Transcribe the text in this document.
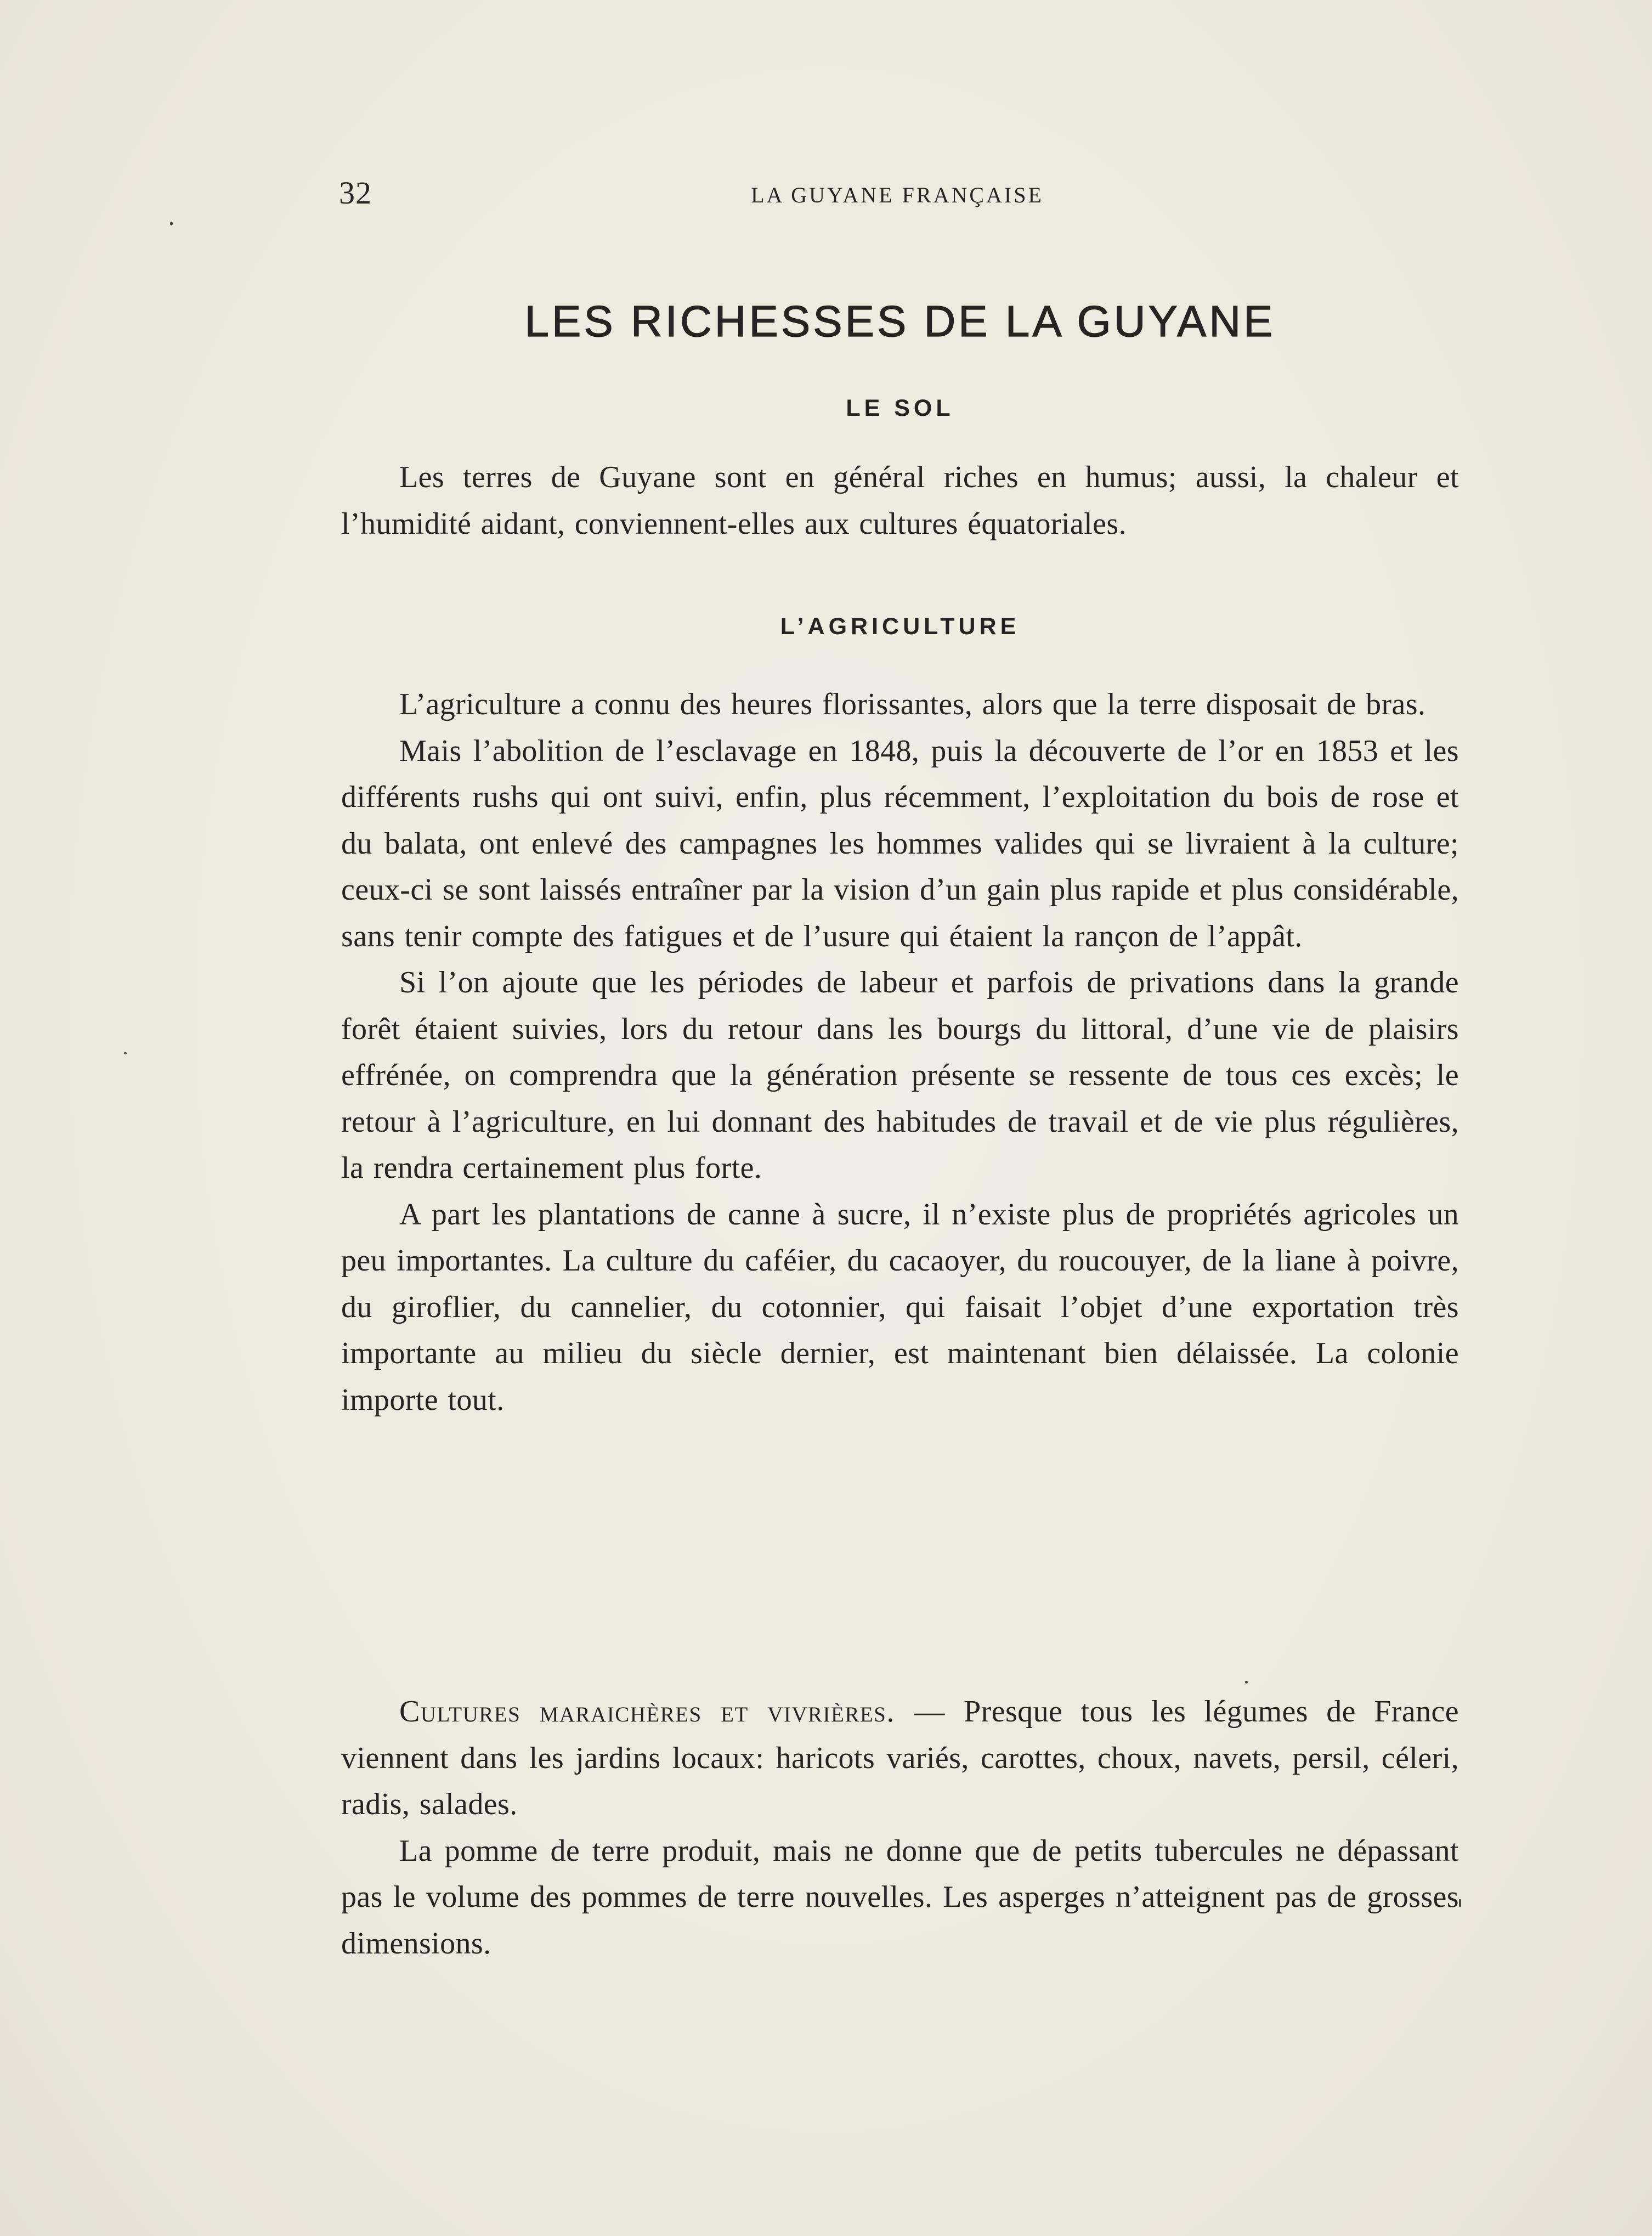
32	LA GUYANE FRANÇAISE
LES RICHESSES DE LA GUYANE
LE SOL

Les terres de Guyane sont en général riches en humus; aussi, la chaleur et l’humidité aidant, conviennent-elles aux cultures équatoriales.

L’AGRICULTURE

L’agriculture a connu des heures florissantes, alors que la terre disposait de bras.

Mais l’abolition de l’esclavage en 1848, puis la découverte de l’or en 1853 et les différents rushs qui ont suivi, enfin, plus récemment, l’exploitation du bois de rose et du balata, ont enlevé des campagnes les hommes valides qui se livraient à la culture; ceux-ci se sont laissés entraîner par la vision d’un gain plus rapide et plus considérable, sans tenir compte des fatigues et de l’usure qui étaient la rançon de l’appât.

Si l’on ajoute que les périodes de labeur et parfois de privations dans la grande forêt étaient suivies, lors du retour dans les bourgs du littoral, d’une vie de plaisirs effrénée, on comprendra que la génération présente se ressente de tous ces excès; le retour à l’agriculture, en lui donnant des habitudes de travail et de vie plus régulières, la rendra certainement plus forte.

A part les plantations de canne à sucre, il n’existe plus de propriétés agricoles un peu importantes. La culture du caféier, du cacaoyer, du roucouyer, de la liane à poivre, du giroflier, du cannelier, du cotonnier, qui faisait l’objet d’une exportation très importante au milieu du siècle dernier, est maintenant bien délaissée. La colonie importe tout.

Cultures maraichères et vivrières. — Presque tous les légumes de France viennent dans les jardins locaux: haricots variés, carottes, choux, navets, persil, céleri, radis, salades.

La pomme de terre produit, mais ne donne que de petits tubercules ne dépassant pas le volume des pommes de terre nouvelles. Les asperges n’atteignent pas de grosses dimensions.
